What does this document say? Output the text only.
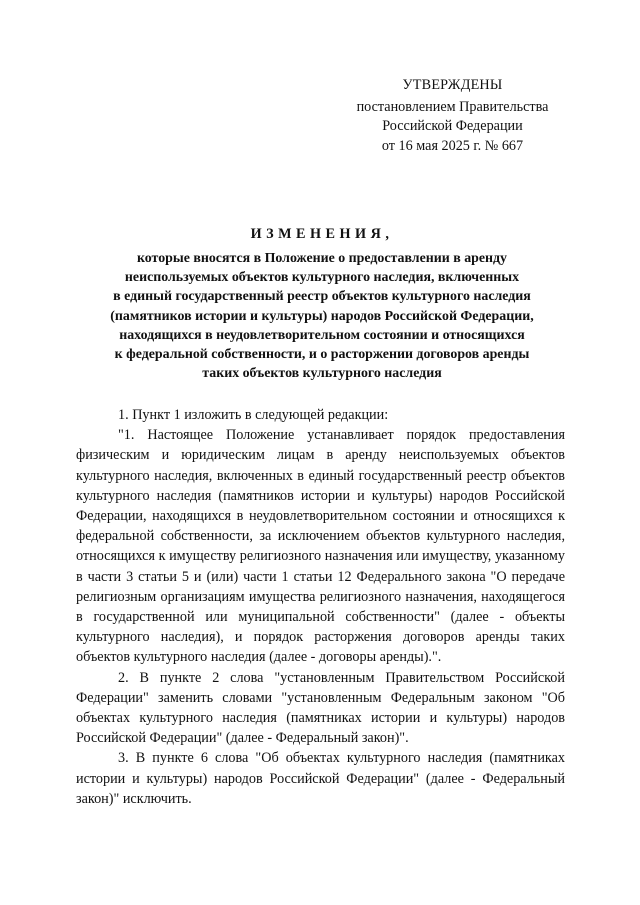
УТВЕРЖДЕНЫ
постановлением Правительства
Российской Федерации
от 16 мая 2025 г. № 667
ИЗМЕНЕНИЯ,
которые вносятся в Положение о предоставлении в аренду
неиспользуемых объектов культурного наследия, включенных
в единый государственный реестр объектов культурного наследия
(памятников истории и культуры) народов Российской Федерации,
находящихся в неудовлетворительном состоянии и относящихся
к федеральной собственности, и о расторжении договоров аренды
таких объектов культурного наследия

1. Пункт 1 изложить в следующей редакции:

"1. Настоящее Положение устанавливает порядок предоставления физическим и юридическим лицам в аренду неиспользуемых объектов культурного наследия, включенных в единый государственный реестр объектов культурного наследия (памятников истории и культуры) народов Российской Федерации, находящихся в неудовлетворительном состоянии и относящихся к федеральной собственности, за исключением объектов культурного наследия, относящихся к имуществу религиозного назначения или имуществу, указанному в части 3 статьи 5 и (или) части 1 статьи 12 Федерального закона "О передаче религиозным организациям имущества религиозного назначения, находящегося в государственной или муниципальной собственности" (далее - объекты культурного наследия), и порядок расторжения договоров аренды таких объектов культурного наследия (далее - договоры аренды).".

2. В пункте 2 слова "установленным Правительством Российской Федерации" заменить словами "установленным Федеральным законом "Об объектах культурного наследия (памятниках истории и культуры) народов Российской Федерации" (далее - Федеральный закон)".

3. В пункте 6 слова "Об объектах культурного наследия (памятниках истории и культуры) народов Российской Федерации" (далее - Федеральный закон)" исключить.
